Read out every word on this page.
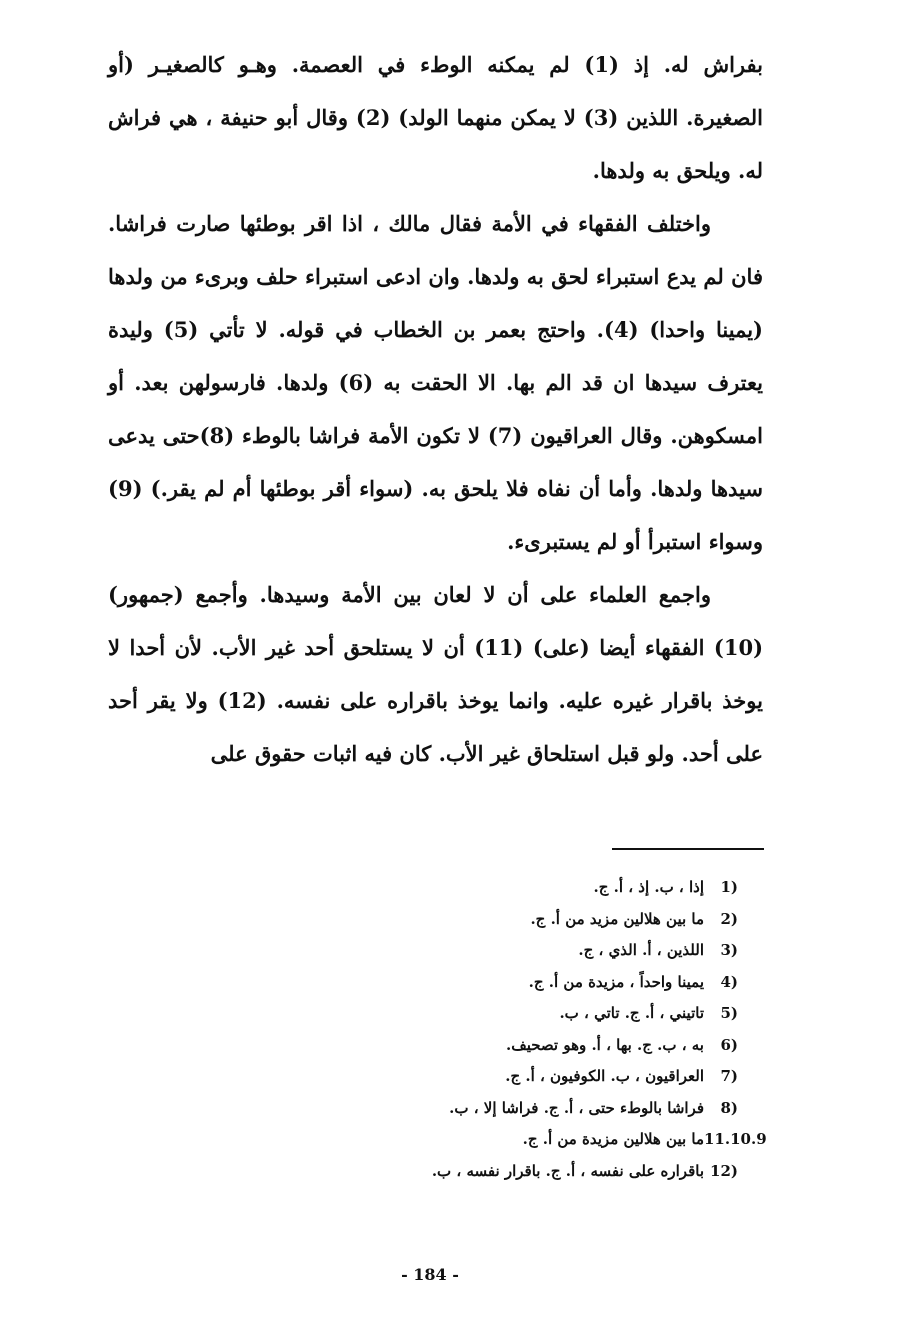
بفراش له. إذ (1) لم يمكنه الوطء في العصمة. وهـو كالصغيـر (أو الصغيرة. اللذين (3) لا يمكن منهما الولد) (2) وقال أبو حنيفة ، هي فراش له. ويلحق به ولدها.

واختلف الفقهاء في الأمة فقال مالك ، اذا اقر بوطئها صارت فراشا. فان لم يدع استبراء لحق به ولدها. وان ادعى استبراء حلف وبرىء من ولدها (يمينا واحدا) (4). واحتج بعمر بن الخطاب في قوله. لا تأتي (5) وليدة يعترف سيدها ان قد الم بها. الا الحقت به (6) ولدها. فارسولهن بعد. أو امسكوهن. وقال العراقيون (7) لا تكون الأمة فراشا بالوطء (8)حتى يدعى سيدها ولدها. وأما أن نفاه فلا يلحق به. (سواء أقر بوطئها أم لم يقر.) (9) وسواء استبرأ أو لم يستبرىء.

واجمع العلماء على أن لا لعان بين الأمة وسيدها. وأجمع (جمهور) (10) الفقهاء أيضا (على) (11) أن لا يستلحق أحد غير الأب. لأن أحدا لا يوخذ باقرار غيره عليه. وانما يوخذ باقراره على نفسه. (12) ولا يقر أحد على أحد. ولو قبل استلحاق غير الأب. كان فيه اثبات حقوق على

1)
إذا ، ب. إذ ، أ. ج.
2)
ما بين هلالين مزيد من أ. ج.
3)
اللذين ، أ. الذي ، ج.
4)
يمينا واحداً ، مزيدة من أ. ج.
5)
تاتيني ، أ. ج. تاتي ، ب.
6)
به ، ب. ج. بها ، أ. وهو تصحيف.
7)
العراقيون ، ب. الكوفيون ، أ. ج.
8)
فراشا بالوطء حتى ، أ. ج. فراشا إلا ، ب.
11.10.9
ما بين هلالين مزيدة من أ. ج.
12)
باقراره على نفسه ، أ. ج. باقرار نفسه ، ب.
- 184 -
